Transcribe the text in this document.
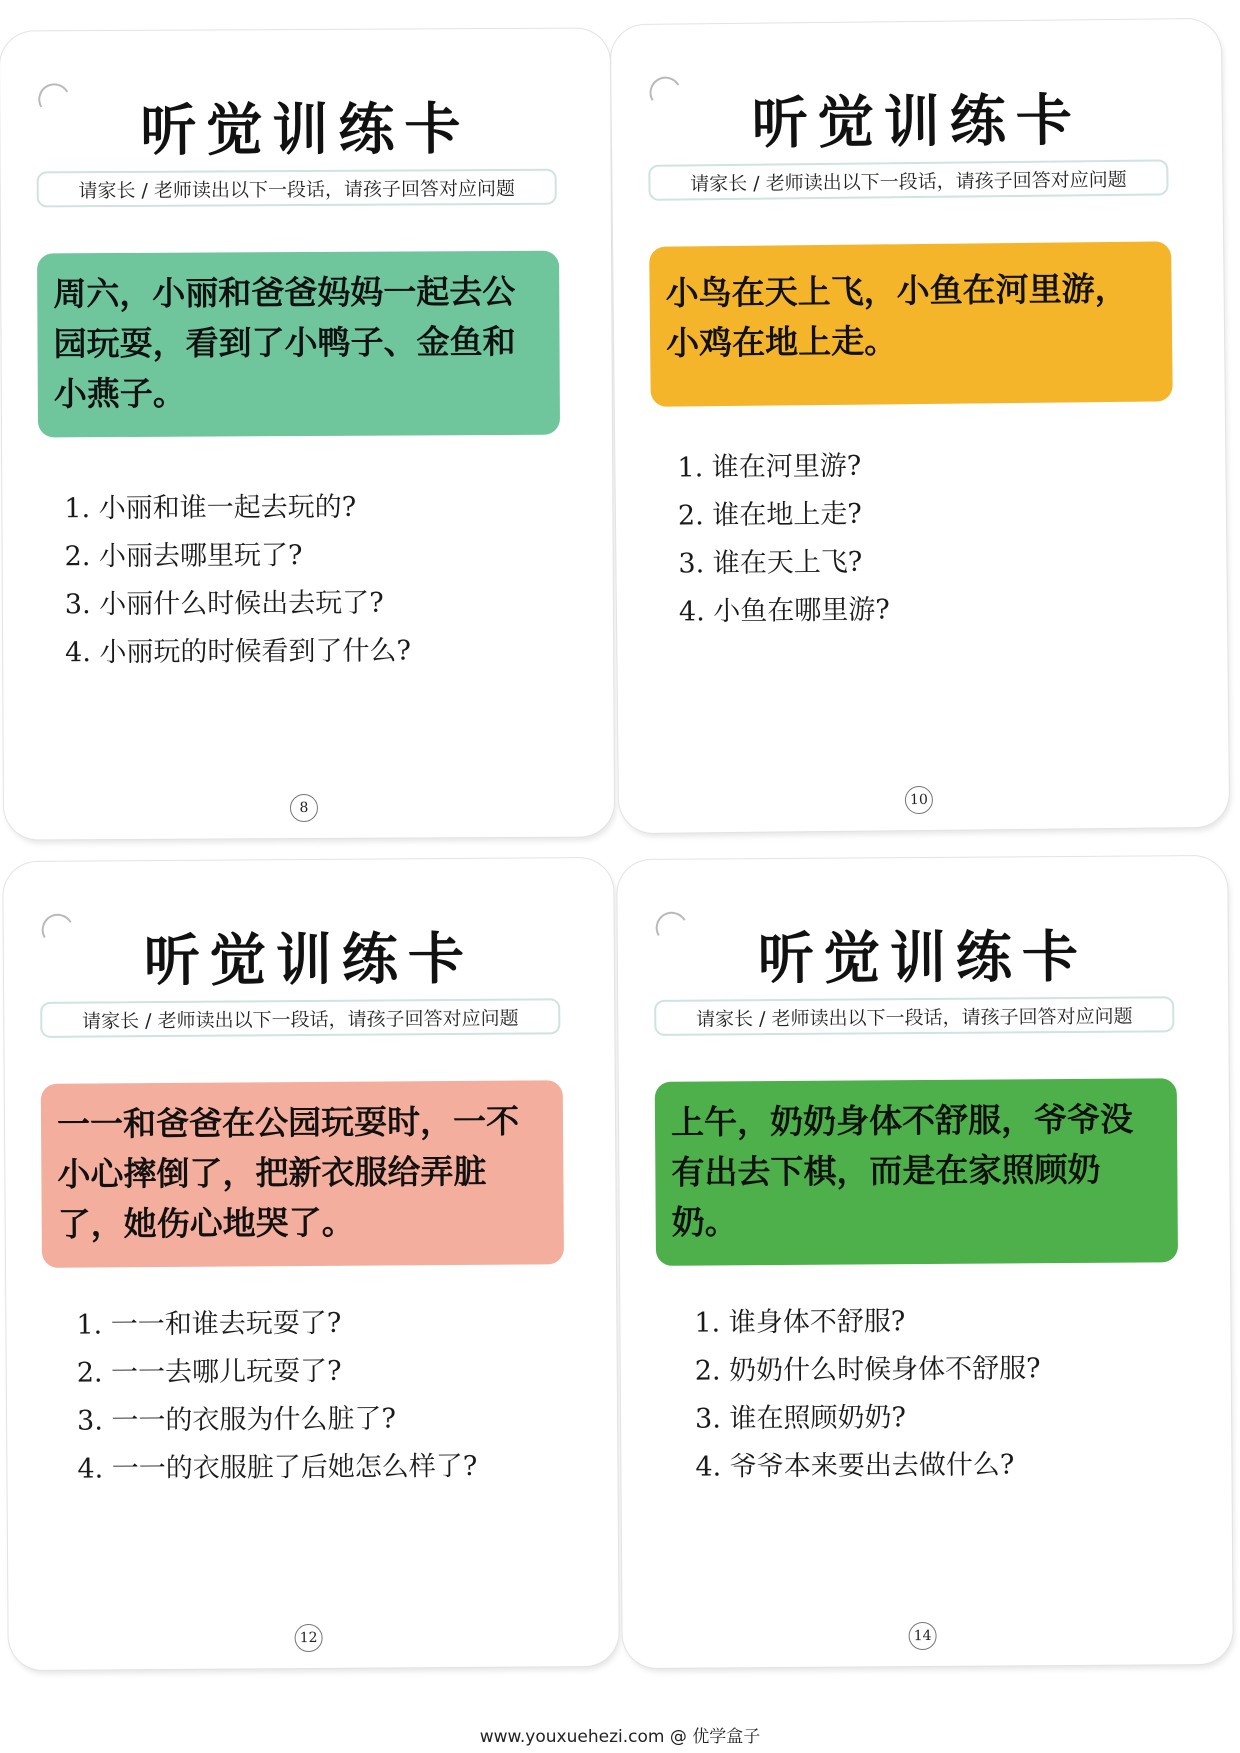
听觉训练卡
请家长 / 老师读出以下一段话，请孩子回答对应问题
周六，小丽和爸爸妈妈一起去公园玩耍，看到了小鸭子、金鱼和小燕子。
1. 小丽和谁一起去玩的?
2. 小丽去哪里玩了?
3. 小丽什么时候出去玩了?
4. 小丽玩的时候看到了什么?
8
听觉训练卡
请家长 / 老师读出以下一段话，请孩子回答对应问题
小鸟在天上飞，小鱼在河里游，小鸡在地上走。
1. 谁在河里游?
2. 谁在地上走?
3. 谁在天上飞?
4. 小鱼在哪里游?
10
听觉训练卡
请家长 / 老师读出以下一段话，请孩子回答对应问题
一一和爸爸在公园玩耍时，一不小心摔倒了，把新衣服给弄脏了，她伤心地哭了。
1. 一一和谁去玩耍了?
2. 一一去哪儿玩耍了?
3. 一一的衣服为什么脏了?
4. 一一的衣服脏了后她怎么样了?
12
听觉训练卡
请家长 / 老师读出以下一段话，请孩子回答对应问题
上午，奶奶身体不舒服，爷爷没有出去下棋，而是在家照顾奶奶。
1. 谁身体不舒服?
2. 奶奶什么时候身体不舒服?
3. 谁在照顾奶奶?
4. 爷爷本来要出去做什么?
14
www.youxuehezi.com @ 优学盒子
